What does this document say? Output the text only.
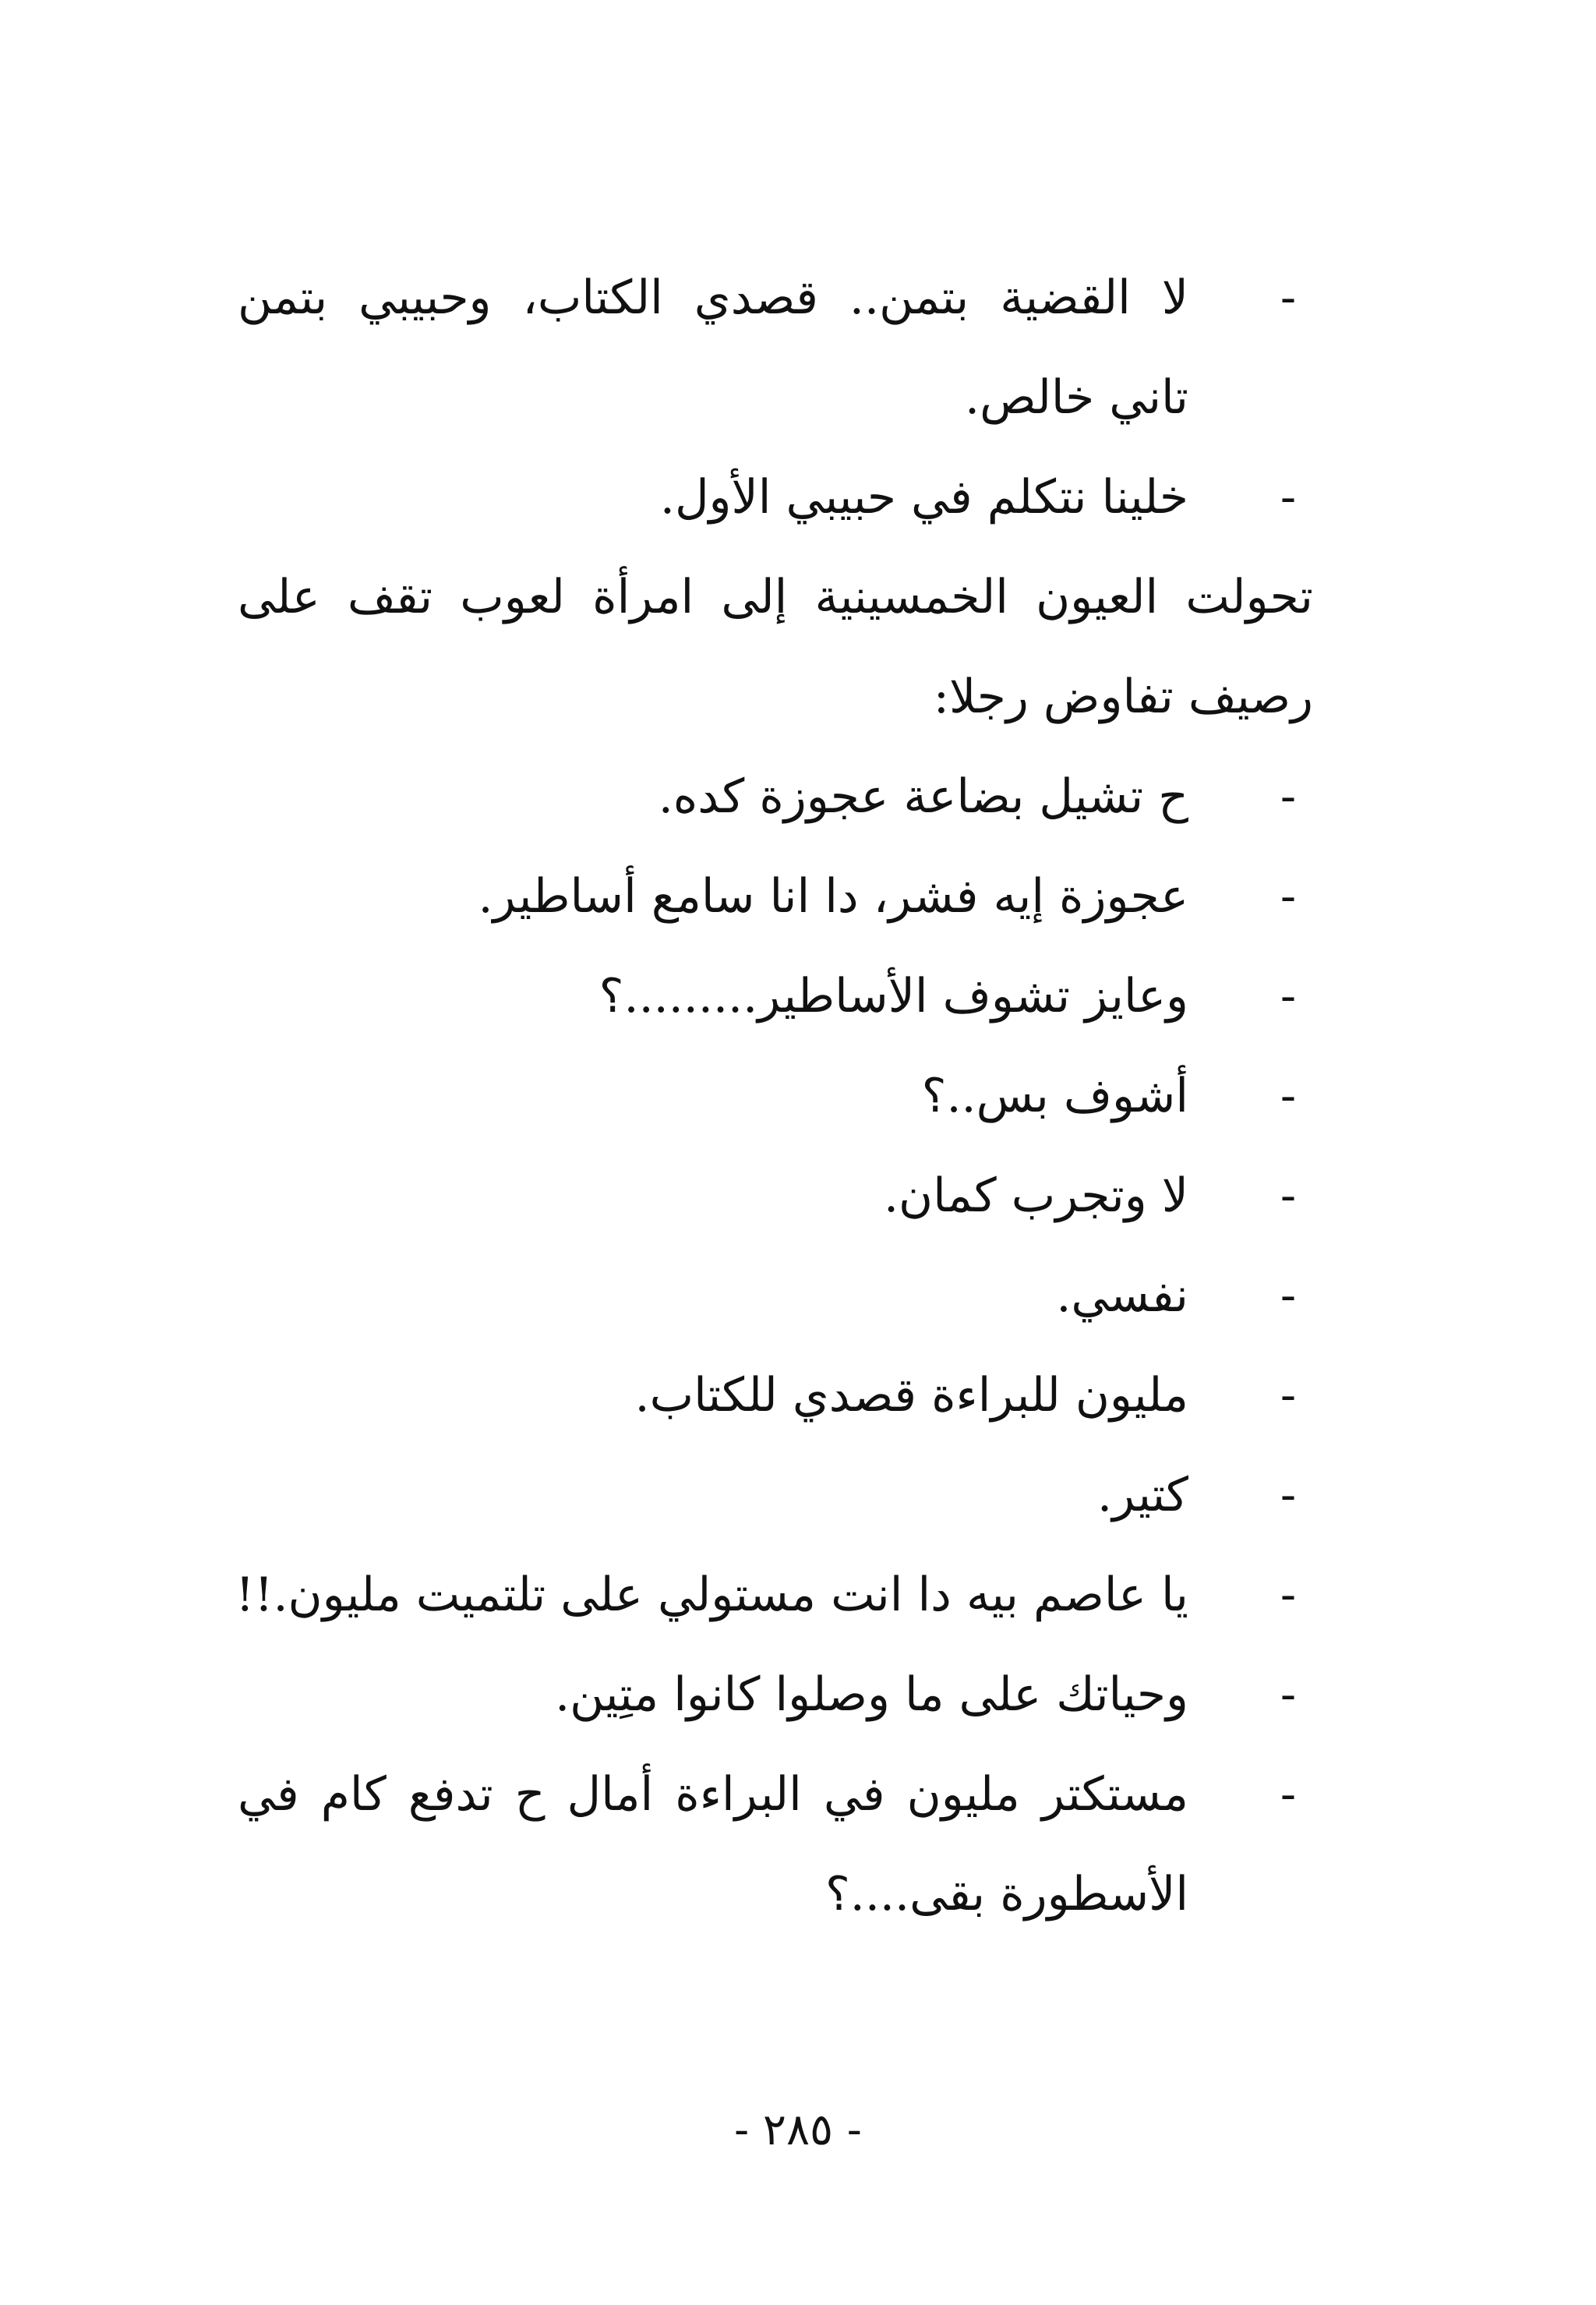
-
لا القضية بتمن.. قصدي الكتاب، وحبيبي بتمن
تاني خالص.
-
خلينا نتكلم في حبيبي الأول.
تحولت العيون الخمسينية إلى امرأة لعوب تقف على
رصيف تفاوض رجلا:
-
ح تشيل بضاعة عجوزة كده.
-
عجوزة إيه فشر، دا انا سامع أساطير.
-
وعايز تشوف الأساطير.........؟
-
أشوف بس..؟
-
لا وتجرب كمان.
-
نفسي.
-
مليون للبراءة قصدي للكتاب.
-
كتير.
-
يا عاصم بيه دا انت مستولي على تلتميت مليون.!!
-
وحياتك على ما وصلوا كانوا متِين.
-
مستكتر مليون في البراءة أمال ح تدفع كام في
الأسطورة بقى....؟
- ٢٨٥ -
